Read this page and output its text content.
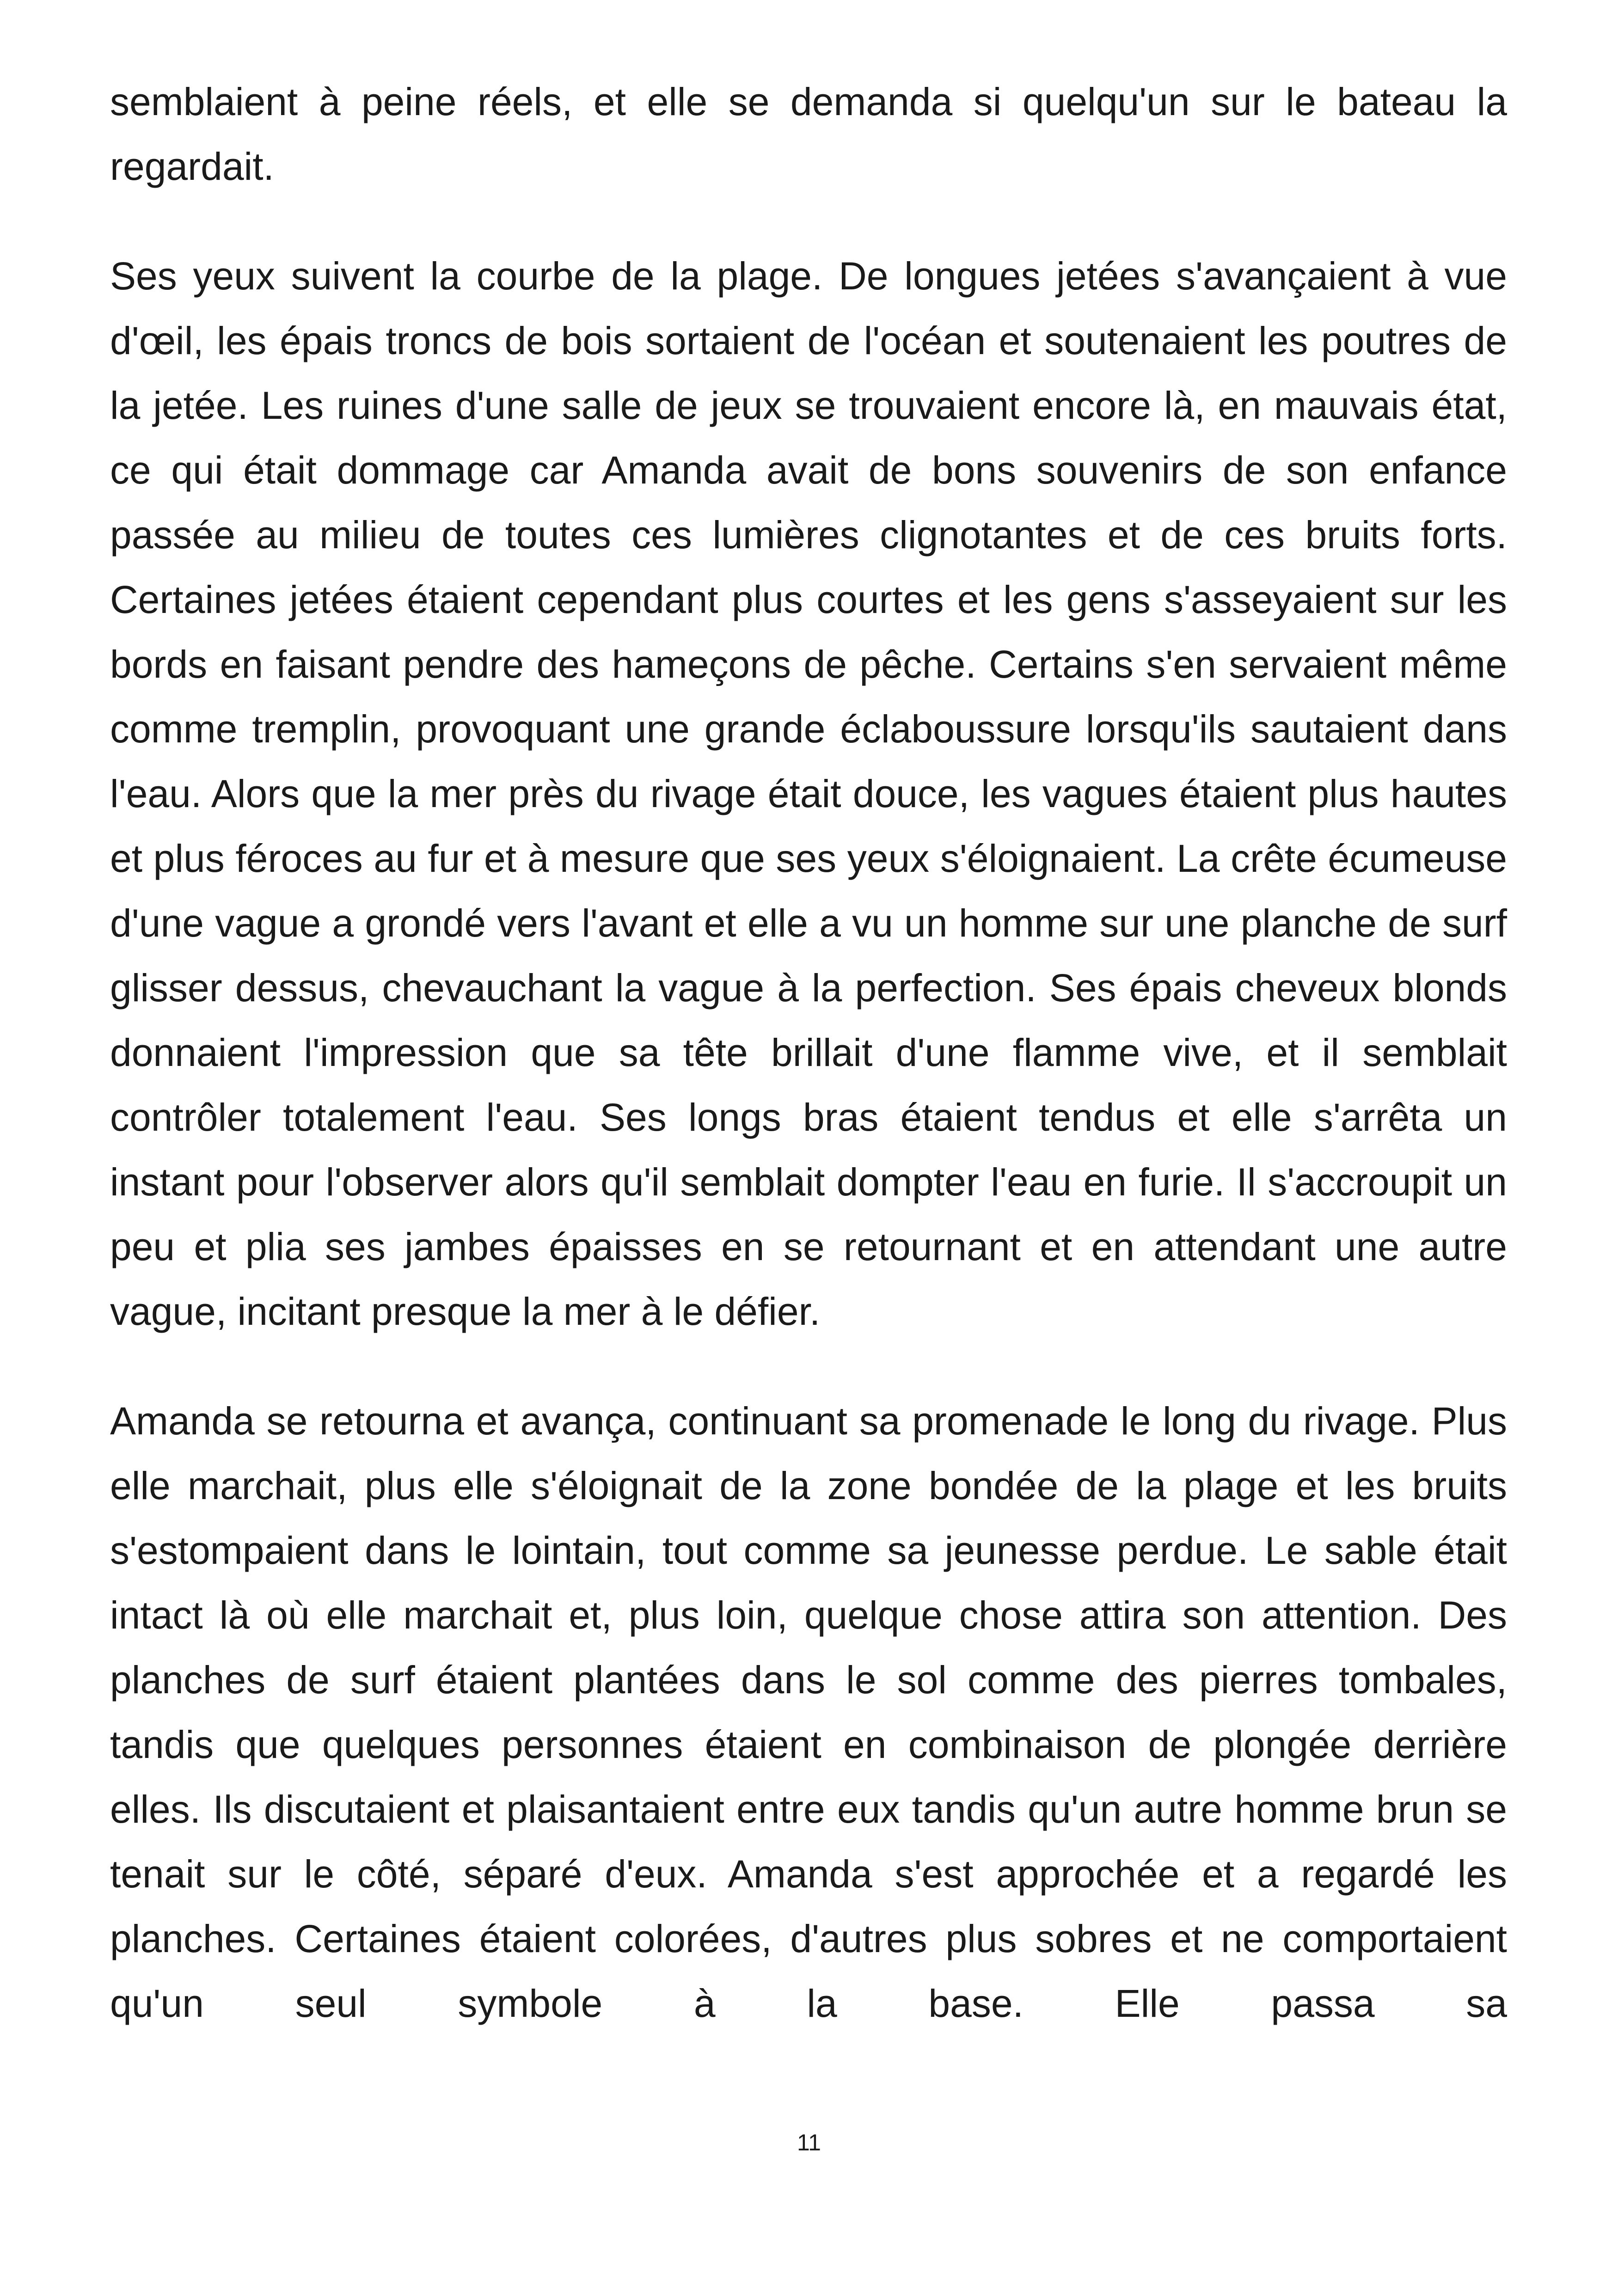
semblaient à peine réels, et elle se demanda si quelqu'un sur le bateau la regardait.

Ses yeux suivent la courbe de la plage. De longues jetées s'avançaient à vue d'œil, les épais troncs de bois sortaient de l'océan et soutenaient les poutres de la jetée. Les ruines d'une salle de jeux se trouvaient encore là, en mauvais état, ce qui était dommage car Amanda avait de bons souvenirs de son enfance passée au milieu de toutes ces lumières clignotantes et de ces bruits forts. Certaines jetées étaient cependant plus courtes et les gens s'asseyaient sur les bords en faisant pendre des hameçons de pêche. Certains s'en servaient même comme tremplin, provoquant une grande éclaboussure lorsqu'ils sautaient dans l'eau. Alors que la mer près du rivage était douce, les vagues étaient plus hautes et plus féroces au fur et à mesure que ses yeux s'éloignaient. La crête écumeuse d'une vague a grondé vers l'avant et elle a vu un homme sur une planche de surf glisser dessus, chevauchant la vague à la perfection. Ses épais cheveux blonds donnaient l'impression que sa tête brillait d'une flamme vive, et il semblait contrôler totalement l'eau. Ses longs bras étaient tendus et elle s'arrêta un instant pour l'observer alors qu'il semblait dompter l'eau en furie. Il s'accroupit un peu et plia ses jambes épaisses en se retournant et en attendant une autre vague, incitant presque la mer à le défier.

Amanda se retourna et avança, continuant sa promenade le long du rivage. Plus elle marchait, plus elle s'éloignait de la zone bondée de la plage et les bruits s'estompaient dans le lointain, tout comme sa jeunesse perdue. Le sable était intact là où elle marchait et, plus loin, quelque chose attira son attention. Des planches de surf étaient plantées dans le sol comme des pierres tombales, tandis que quelques personnes étaient en combinaison de plongée derrière elles. Ils discutaient et plaisantaient entre eux tandis qu'un autre homme brun se tenait sur le côté, séparé d'eux. Amanda s'est approchée et a regardé les planches. Certaines étaient colorées, d'autres plus sobres et ne comportaient qu'un seul symbole à la base. Elle passa sa

11
